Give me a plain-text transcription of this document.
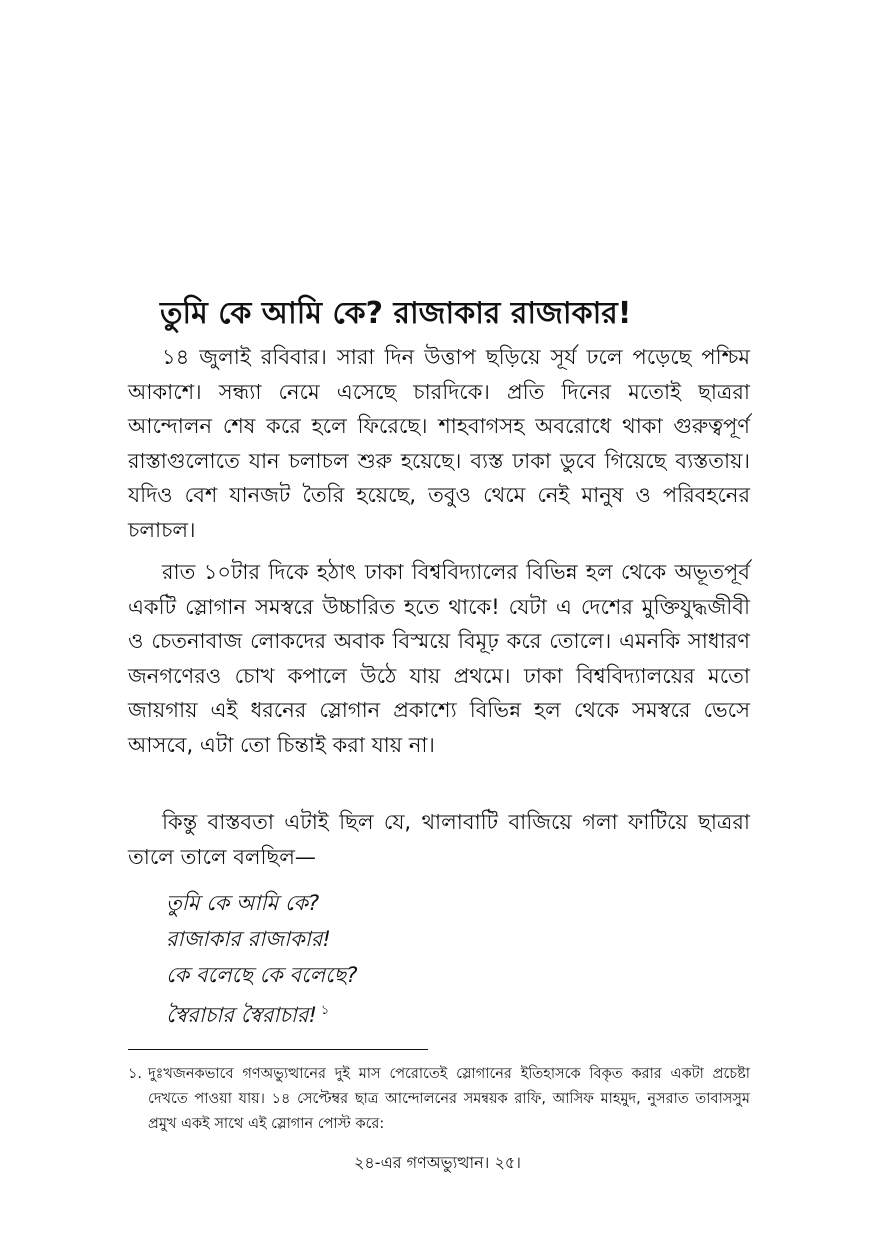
তুমি কে আমি কে? রাজাকার রাজাকার!

১৪ জুলাই রবিবার। সারা দিন উত্তাপ ছড়িয়ে সূর্য ঢলে পড়েছে পশ্চিম আকাশে। সন্ধ্যা নেমে এসেছে চারদিকে। প্রতি দিনের মতোই ছাত্ররা আন্দোলন শেষ করে হলে ফিরেছে। শাহবাগসহ অবরোধে থাকা গুরুত্বপূর্ণ রাস্তাগুলোতে যান চলাচল শুরু হয়েছে। ব্যস্ত ঢাকা ডুবে গিয়েছে ব্যস্ততায়। যদিও বেশ যানজট তৈরি হয়েছে, তবুও থেমে নেই মানুষ ও পরিবহনের চলাচল।

রাত ১০টার দিকে হঠাৎ ঢাকা বিশ্ববিদ্যালের বিভিন্ন হল থেকে অভূতপূর্ব একটি স্লোগান সমস্বরে উচ্চারিত হতে থাকে! যেটা এ দেশের মুক্তিযুদ্ধজীবী ও চেতনাবাজ লোকদের অবাক বিস্ময়ে বিমূঢ় করে তোলে। এমনকি সাধারণ জনগণেরও চোখ কপালে উঠে যায় প্রথমে। ঢাকা বিশ্ববিদ্যালয়ের মতো জায়গায় এই ধরনের স্লোগান প্রকাশ্যে বিভিন্ন হল থেকে সমস্বরে ভেসে আসবে, এটা তো চিন্তাই করা যায় না।

কিন্তু বাস্তবতা এটাই ছিল যে, থালাবাটি বাজিয়ে গলা ফাটিয়ে ছাত্ররা তালে তালে বলছিল—

তুমি কে আমি কে?
রাজাকার রাজাকার!
কে বলেছে কে বলেছে?
স্বৈরাচার স্বৈরাচার! $^১$
১. দুঃখজনকভাবে গণঅভ্যুত্থানের দুই মাস পেরোতেই স্লোগানের ইতিহাসকে বিকৃত করার একটা প্রচেষ্টা দেখতে পাওয়া যায়। ১৪ সেপ্টেম্বর ছাত্র আন্দোলনের সমন্বয়ক রাফি, আসিফ মাহমুদ, নুসরাত তাবাসসুম প্রমুখ একই সাথে এই স্লোগান পোস্ট করে:
২৪-এর গণঅভ্যুত্থান। ২৫।
